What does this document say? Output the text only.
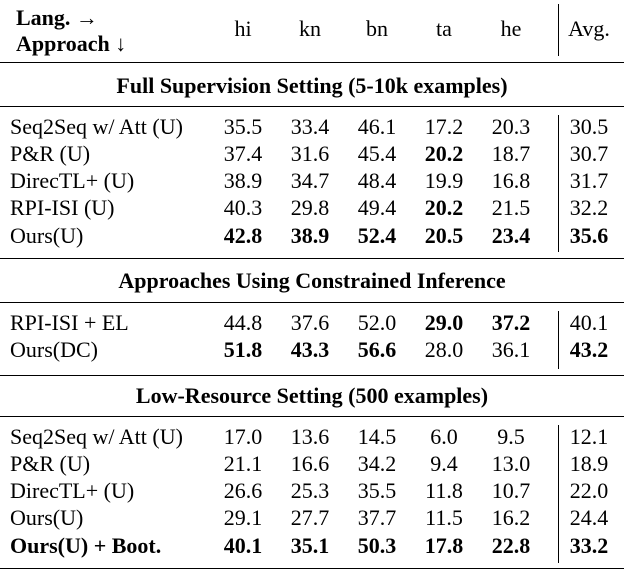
Lang. →
Approach ↓
hi	kn	bn	ta	he	Avg.
Full Supervision Setting (5-10k examples)
Approaches Using Constrained Inference
Low-Resource Setting (500 examples)
Seq2Seq w/ Att (U)	35.5	33.4	46.1	17.2	20.3	30.5
P&R (U)	37.4	31.6	45.4	20.2	18.7	30.7
DirecTL+ (U)	38.9	34.7	48.4	19.9	16.8	31.7
RPI-ISI (U)	40.3	29.8	49.4	20.2	21.5	32.2
Ours(U)	42.8	38.9	52.4	20.5	23.4	35.6
RPI-ISI + EL	44.8	37.6	52.0	29.0	37.2	40.1
Ours(DC)	51.8	43.3	56.6	28.0	36.1	43.2
Seq2Seq w/ Att (U)	17.0	13.6	14.5	6.0	9.5	12.1
P&R (U)	21.1	16.6	34.2	9.4	13.0	18.9
DirecTL+ (U)	26.6	25.3	35.5	11.8	10.7	22.0
Ours(U)	29.1	27.7	37.7	11.5	16.2	24.4
Ours(U) + Boot.	40.1	35.1	50.3	17.8	22.8	33.2
